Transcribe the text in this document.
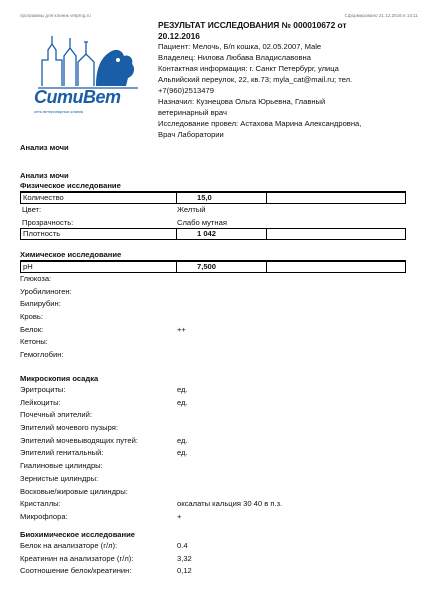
программы для клиник vetprog.ru	Сформировано 21.12.2016 в 14:11
СитиВет
сеть ветеринарных клиник
РЕЗУЛЬТАТ ИССЛЕДОВАНИЯ № 000010672 от
20.12.2016
Пациент: Мелочь, Б/п кошка, 02.05.2007, Male
Владелец: Нилова Любава Владиславовна
Контактная информация: г. Санкт Петербург, улица
Альпийский переулок, 22, кв.73; myla_cat@mail.ru; тел.
+7(960)2513479
Назначил: Кузнецова Ольга Юрьевна, Главный
ветеринарный врач
Исследование провел: Астахова Марина Александровна,
Врач Лаборатории
Анализ мочи
Анализ мочи
Физическое исследование
Количество	15,0
Цвет:	Желтый
Прозрачность:	Слабо мутная
Плотность	1 042
Химическое исследование
pH	7,500
Глюкоза:
Уробилиноген:
Билирубин:
Кровь:
Белок:	++
Кетоны:
Гемоглобин:
Микроскопия осадка
Эритроциты:	ед.
Лейкоциты:	ед.
Почечный эпителий:
Эпителий мочевого пузыря:
Эпителий мочевыводящих путей:	ед.
Эпителий генитальный:	ед.
Гиалиновые цилиндры:
Зернистые цилиндры:
Восковые/жировые цилиндры:
Кристаллы:	оксалаты кальция 30 40 в п.з.
Микрофлора:	+
Биохимическое исследование
Белок на анализаторе (г/л):	0.4
Креатинин на анализаторе (г/л):	3,32
Соотношение белок/креатинин:	0,12
